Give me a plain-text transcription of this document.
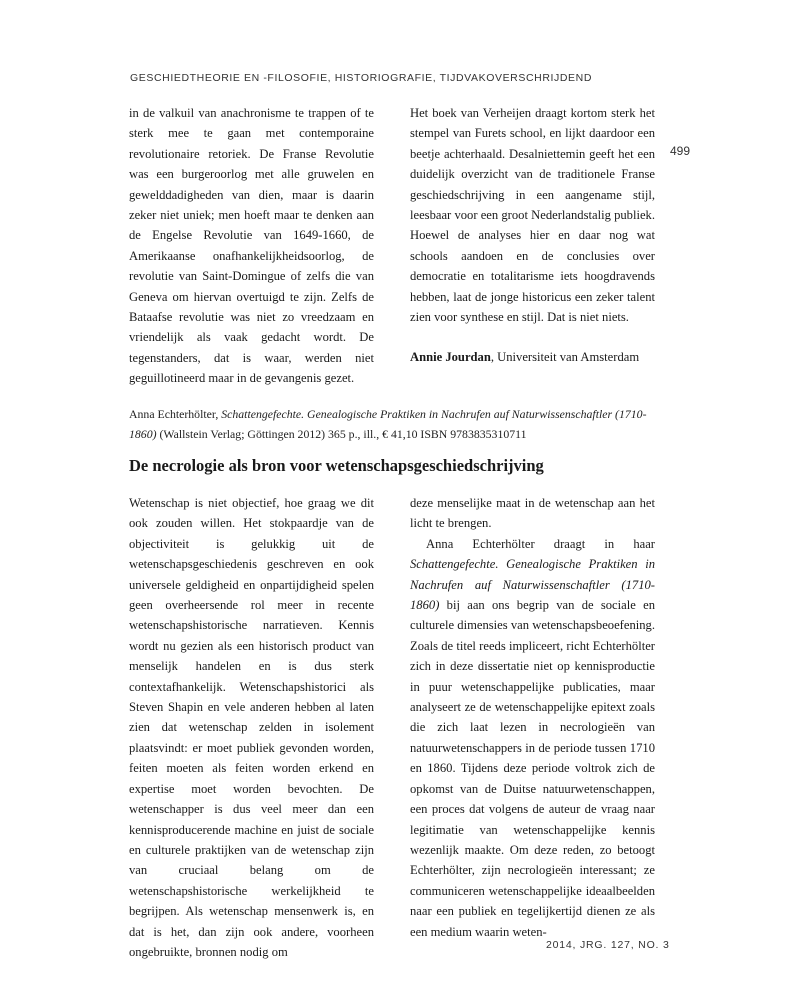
GESCHIEDTHEORIE EN -FILOSOFIE, HISTORIOGRAFIE, TIJDVAKOVERSCHRIJDEND
499

in de valkuil van anachronisme te trappen of te sterk mee te gaan met contemporaine revolutionaire retoriek. De Franse Revolutie was een burgeroorlog met alle gruwelen en gewelddadigheden van dien, maar is daarin zeker niet uniek; men hoeft maar te denken aan de Engelse Revolutie van 1649-1660, de Amerikaanse onafhankelijkheidsoorlog, de revolutie van Saint-Domingue of zelfs die van Geneva om hiervan overtuigd te zijn. Zelfs de Bataafse revolutie was niet zo vreedzaam en vriendelijk als vaak gedacht wordt. De tegenstanders, dat is waar, werden niet geguillotineerd maar in de gevangenis gezet.

Het boek van Verheijen draagt kortom sterk het stempel van Furets school, en lijkt daardoor een beetje achterhaald. Desalniettemin geeft het een duidelijk overzicht van de traditionele Franse geschiedschrijving in een aangename stijl, leesbaar voor een groot Nederlandstalig publiek. Hoewel de analyses hier en daar nog wat schools aandoen en de conclusies over democratie en totalitarisme iets hoogdravends hebben, laat de jonge historicus een zeker talent zien voor synthese en stijl. Dat is niet niets.

Annie Jourdan, Universiteit van Amsterdam

Anna Echterhölter, Schattengefechte. Genealogische Praktiken in Nachrufen auf Naturwissenschaftler (1710-1860) (Wallstein Verlag; Göttingen 2012) 365 p., ill., € 41,10 ISBN 9783835310711
De necrologie als bron voor wetenschapsgeschiedschrijving

Wetenschap is niet objectief, hoe graag we dit ook zouden willen. Het stokpaardje van de objectiviteit is gelukkig uit de wetenschapsgeschiedenis geschreven en ook universele geldigheid en onpartijdigheid spelen geen overheersende rol meer in recente wetenschapshistorische narratieven. Kennis wordt nu gezien als een historisch product van menselijk handelen en is dus sterk contextafhankelijk. Wetenschapshistorici als Steven Shapin en vele anderen hebben al laten zien dat wetenschap zelden in isolement plaatsvindt: er moet publiek gevonden worden, feiten moeten als feiten worden erkend en expertise moet worden bevochten. De wetenschapper is dus veel meer dan een kennisproducerende machine en juist de sociale en culturele praktijken van de wetenschap zijn van cruciaal belang om de wetenschapshistorische werkelijkheid te begrijpen. Als wetenschap mensenwerk is, en dat is het, dan zijn ook andere, voorheen ongebruikte, bronnen nodig om

deze menselijke maat in de wetenschap aan het licht te brengen.

Anna Echterhölter draagt in haar Schattengefechte. Genealogische Praktiken in Nachrufen auf Naturwissenschaftler (1710-1860) bij aan ons begrip van de sociale en culturele dimensies van wetenschapsbeoefening. Zoals de titel reeds impliceert, richt Echterhölter zich in deze dissertatie niet op kennisproductie in puur wetenschappelijke publicaties, maar analyseert ze de wetenschappelijke epitext zoals die zich laat lezen in necrologieën van natuurwetenschappers in de periode tussen 1710 en 1860. Tijdens deze periode voltrok zich de opkomst van de Duitse natuurwetenschappen, een proces dat volgens de auteur de vraag naar legitimatie van wetenschappelijke kennis wezenlijk maakte. Om deze reden, zo betoogt Echterhölter, zijn necrologieën interessant; ze communiceren wetenschappelijke ideaalbeelden naar een publiek en tegelijkertijd dienen ze als een medium waarin weten-

2014, JRG. 127, NO. 3
